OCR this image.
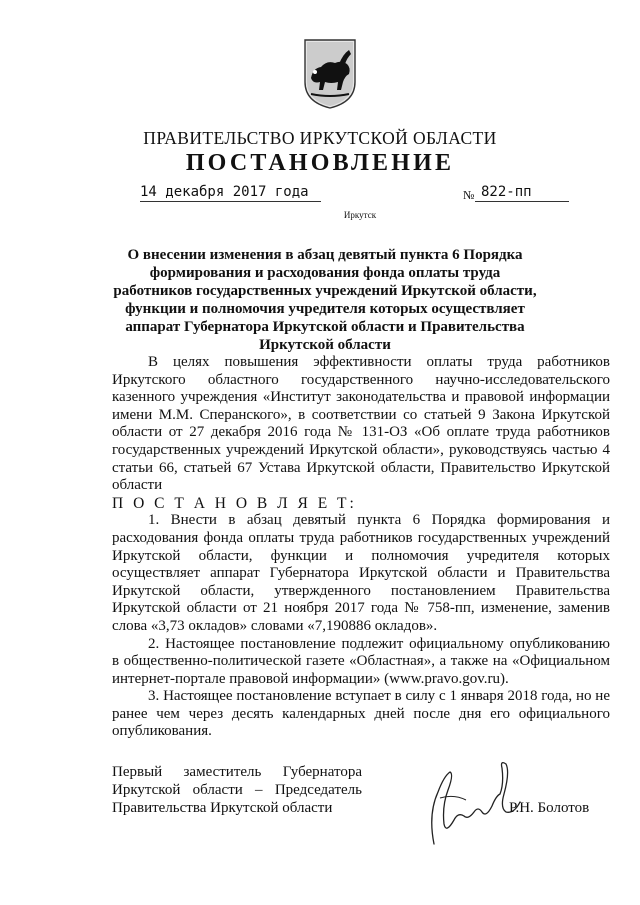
ПРАВИТЕЛЬСТВО ИРКУТСКОЙ ОБЛАСТИ
ПОСТАНОВЛЕНИЕ
14 декабря 2017 года	№ 822-пп
Иркутск
О внесении изменения в абзац девятый пункта 6 Порядка формирования и расходования фонда оплаты труда работников государственных учреждений Иркутской области, функции и полномочия учредителя которых осуществляет аппарат Губернатора Иркутской области и Правительства Иркутской области

В целях повышения эффективности оплаты труда работников Иркутского областного государственного научно-исследовательского казенного учреждения «Институт законодательства и правовой информации имени М.М. Сперанского», в соответствии со статьей 9 Закона Иркутской области от 27 декабря 2016 года № 131-ОЗ «Об оплате труда работников государственных учреждений Иркутской области», руководствуясь частью 4 статьи 66, статьей 67 Устава Иркутской области, Правительство Иркутской области

П О С Т А Н О В Л Я Е Т:

1. Внести в абзац девятый пункта 6 Порядка формирования и расходования фонда оплаты труда работников государственных учреждений Иркутской области, функции и полномочия учредителя которых осуществляет аппарат Губернатора Иркутской области и Правительства Иркутской области, утвержденного постановлением Правительства Иркутской области от 21 ноября 2017 года № 758-пп, изменение, заменив слова «3,73 окладов» словами «7,190886 окладов».

2. Настоящее постановление подлежит официальному опубликованию в общественно-политической газете «Областная», а также на «Официальном интернет-портале правовой информации» (www.pravo.gov.ru).

3. Настоящее постановление вступает в силу с 1 января 2018 года, но не ранее чем через десять календарных дней после дня его официального опубликования.

Первый заместитель Губернатора
Иркутской области – Председатель
Правительства Иркутской области	Р.Н. Болотов
